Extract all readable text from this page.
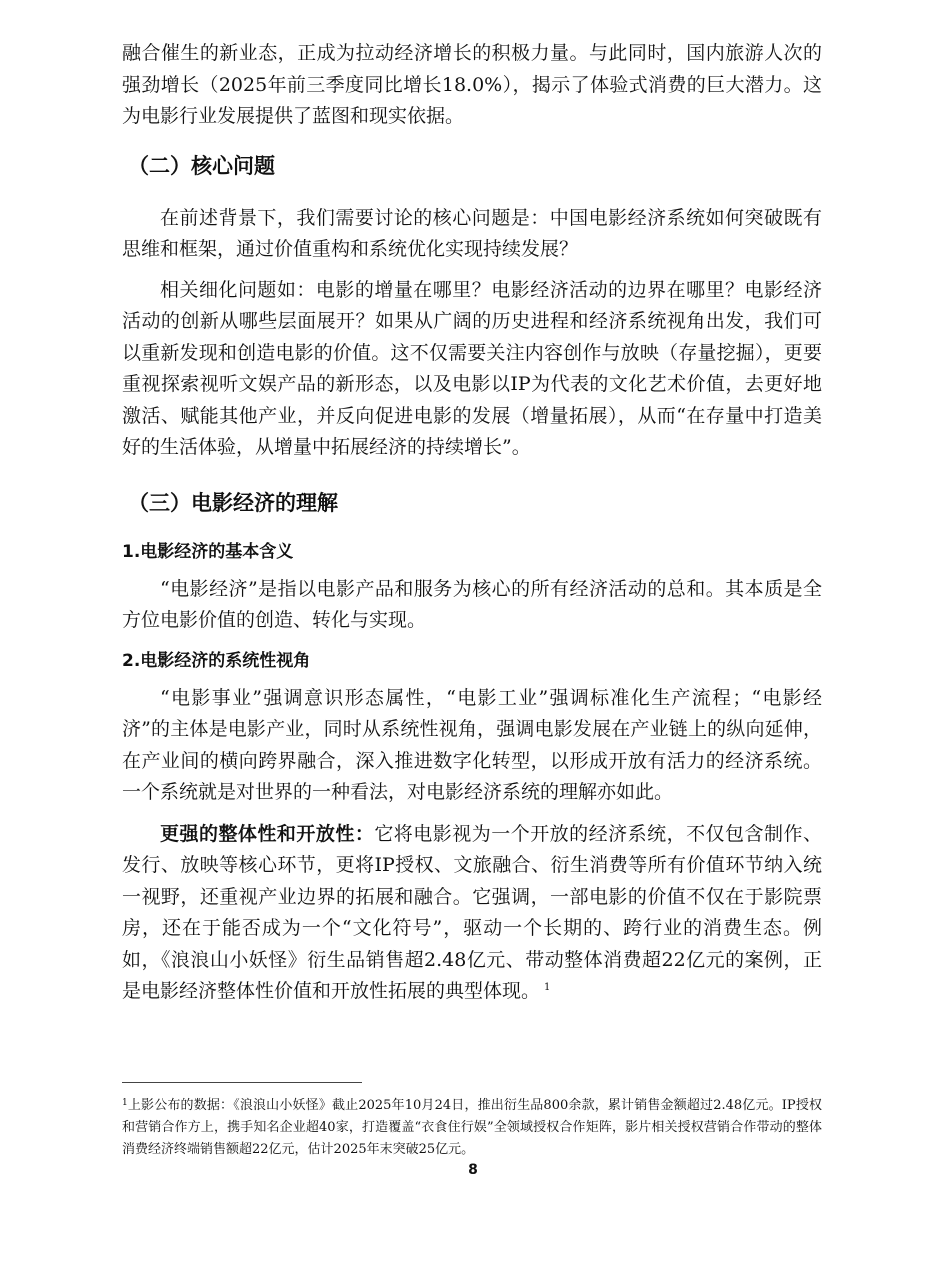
融合催生的新业态，正成为拉动经济增长的积极力量。与此同时，国内旅游人次的强劲增长（2025年前三季度同比增长18.0%），揭示了体验式消费的巨大潜力。这为电影行业发展提供了蓝图和现实依据。

（二）核心问题

在前述背景下，我们需要讨论的核心问题是：中国电影经济系统如何突破既有思维和框架，通过价值重构和系统优化实现持续发展？

相关细化问题如：电影的增量在哪里？电影经济活动的边界在哪里？电影经济活动的创新从哪些层面展开？如果从广阔的历史进程和经济系统视角出发，我们可以重新发现和创造电影的价值。这不仅需要关注内容创作与放映（存量挖掘），更要重视探索视听文娱产品的新形态，以及电影以IP为代表的文化艺术价值，去更好地激活、赋能其他产业，并反向促进电影的发展（增量拓展），从而“在存量中打造美好的生活体验，从增量中拓展经济的持续增长”。

（三）电影经济的理解
1.电影经济的基本含义

“电影经济”是指以电影产品和服务为核心的所有经济活动的总和。其本质是全方位电影价值的创造、转化与实现。

2.电影经济的系统性视角

“电影事业”强调意识形态属性，“电影工业”强调标准化生产流程；“电影经济”的主体是电影产业，同时从系统性视角，强调电影发展在产业链上的纵向延伸，在产业间的横向跨界融合，深入推进数字化转型，以形成开放有活力的经济系统。一个系统就是对世界的一种看法，对电影经济系统的理解亦如此。

更强的整体性和开放性：它将电影视为一个开放的经济系统，不仅包含制作、发行、放映等核心环节，更将IP授权、文旅融合、衍生消费等所有价值环节纳入统一视野，还重视产业边界的拓展和融合。它强调，一部电影的价值不仅在于影院票房，还在于能否成为一个“文化符号”，驱动一个长期的、跨行业的消费生态。例如，《浪浪山小妖怪》衍生品销售超2.48亿元、带动整体消费超22亿元的案例，正是电影经济整体性价值和开放性拓展的典型体现。 $^1$

$^1$上影公布的数据：《浪浪山小妖怪》截止2025年10月24日，推出衍生品800余款，累计销售金额超过2.48亿元。IP授权和营销合作方上，携手知名企业超40家，打造覆盖“衣食住行娱”全领域授权合作矩阵，影片相关授权营销合作带动的整体消费经济终端销售额超22亿元，估计2025年末突破25亿元。

8
